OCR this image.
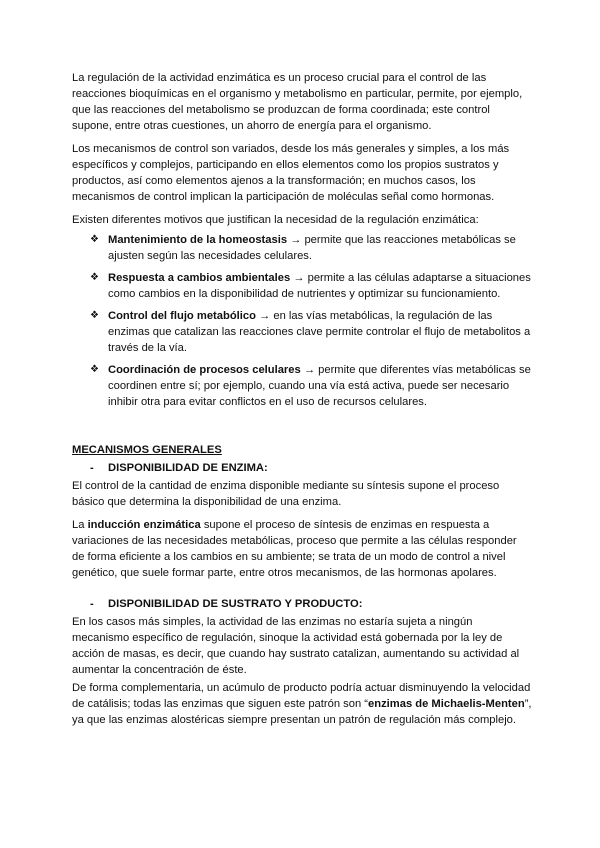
La regulación de la actividad enzimática es un proceso crucial para el control de las reacciones bioquímicas en el organismo y metabolismo en particular, permite, por ejemplo, que las reacciones del metabolismo se produzcan de forma coordinada; este control supone, entre otras cuestiones, un ahorro de energía para el organismo.

Los mecanismos de control son variados, desde los más generales y simples, a los más específicos y complejos, participando en ellos elementos como los propios sustratos y productos, así como elementos ajenos a la transformación; en muchos casos, los mecanismos de control implican la participación de moléculas señal como hormonas.

Existen diferentes motivos que justifican la necesidad de la regulación enzimática:

❖ Mantenimiento de la homeostasis → permite que las reacciones metabólicas se ajusten según las necesidades celulares.
❖ Respuesta a cambios ambientales → permite a las células adaptarse a situaciones como cambios en la disponibilidad de nutrientes y optimizar su funcionamiento.
❖ Control del flujo metabólico → en las vías metabólicas, la regulación de las enzimas que catalizan las reacciones clave permite controlar el flujo de metabolitos a través de la vía.
❖ Coordinación de procesos celulares → permite que diferentes vías metabólicas se coordinen entre sí; por ejemplo, cuando una vía está activa, puede ser necesario inhibir otra para evitar conflictos en el uso de recursos celulares.
MECANISMOS GENERALES
- DISPONIBILIDAD DE ENZIMA:

El control de la cantidad de enzima disponible mediante su síntesis supone el proceso básico que determina la disponibilidad de una enzima.

La inducción enzimática supone el proceso de síntesis de enzimas en respuesta a variaciones de las necesidades metabólicas, proceso que permite a las células responder de forma eficiente a los cambios en su ambiente; se trata de un modo de control a nivel genético, que suele formar parte, entre otros mecanismos, de las hormonas apolares.

- DISPONIBILIDAD DE SUSTRATO Y PRODUCTO:

En los casos más simples, la actividad de las enzimas no estaría sujeta a ningún mecanismo específico de regulación, sinoque la actividad está gobernada por la ley de acción de masas, es decir, que cuando hay sustrato catalizan, aumentando su actividad al aumentar la concentración de éste.

De forma complementaria, un acúmulo de producto podría actuar disminuyendo la velocidad de catálisis; todas las enzimas que siguen este patrón son “enzimas de Michaelis-Menten”, ya que las enzimas alostéricas siempre presentan un patrón de regulación más complejo.
